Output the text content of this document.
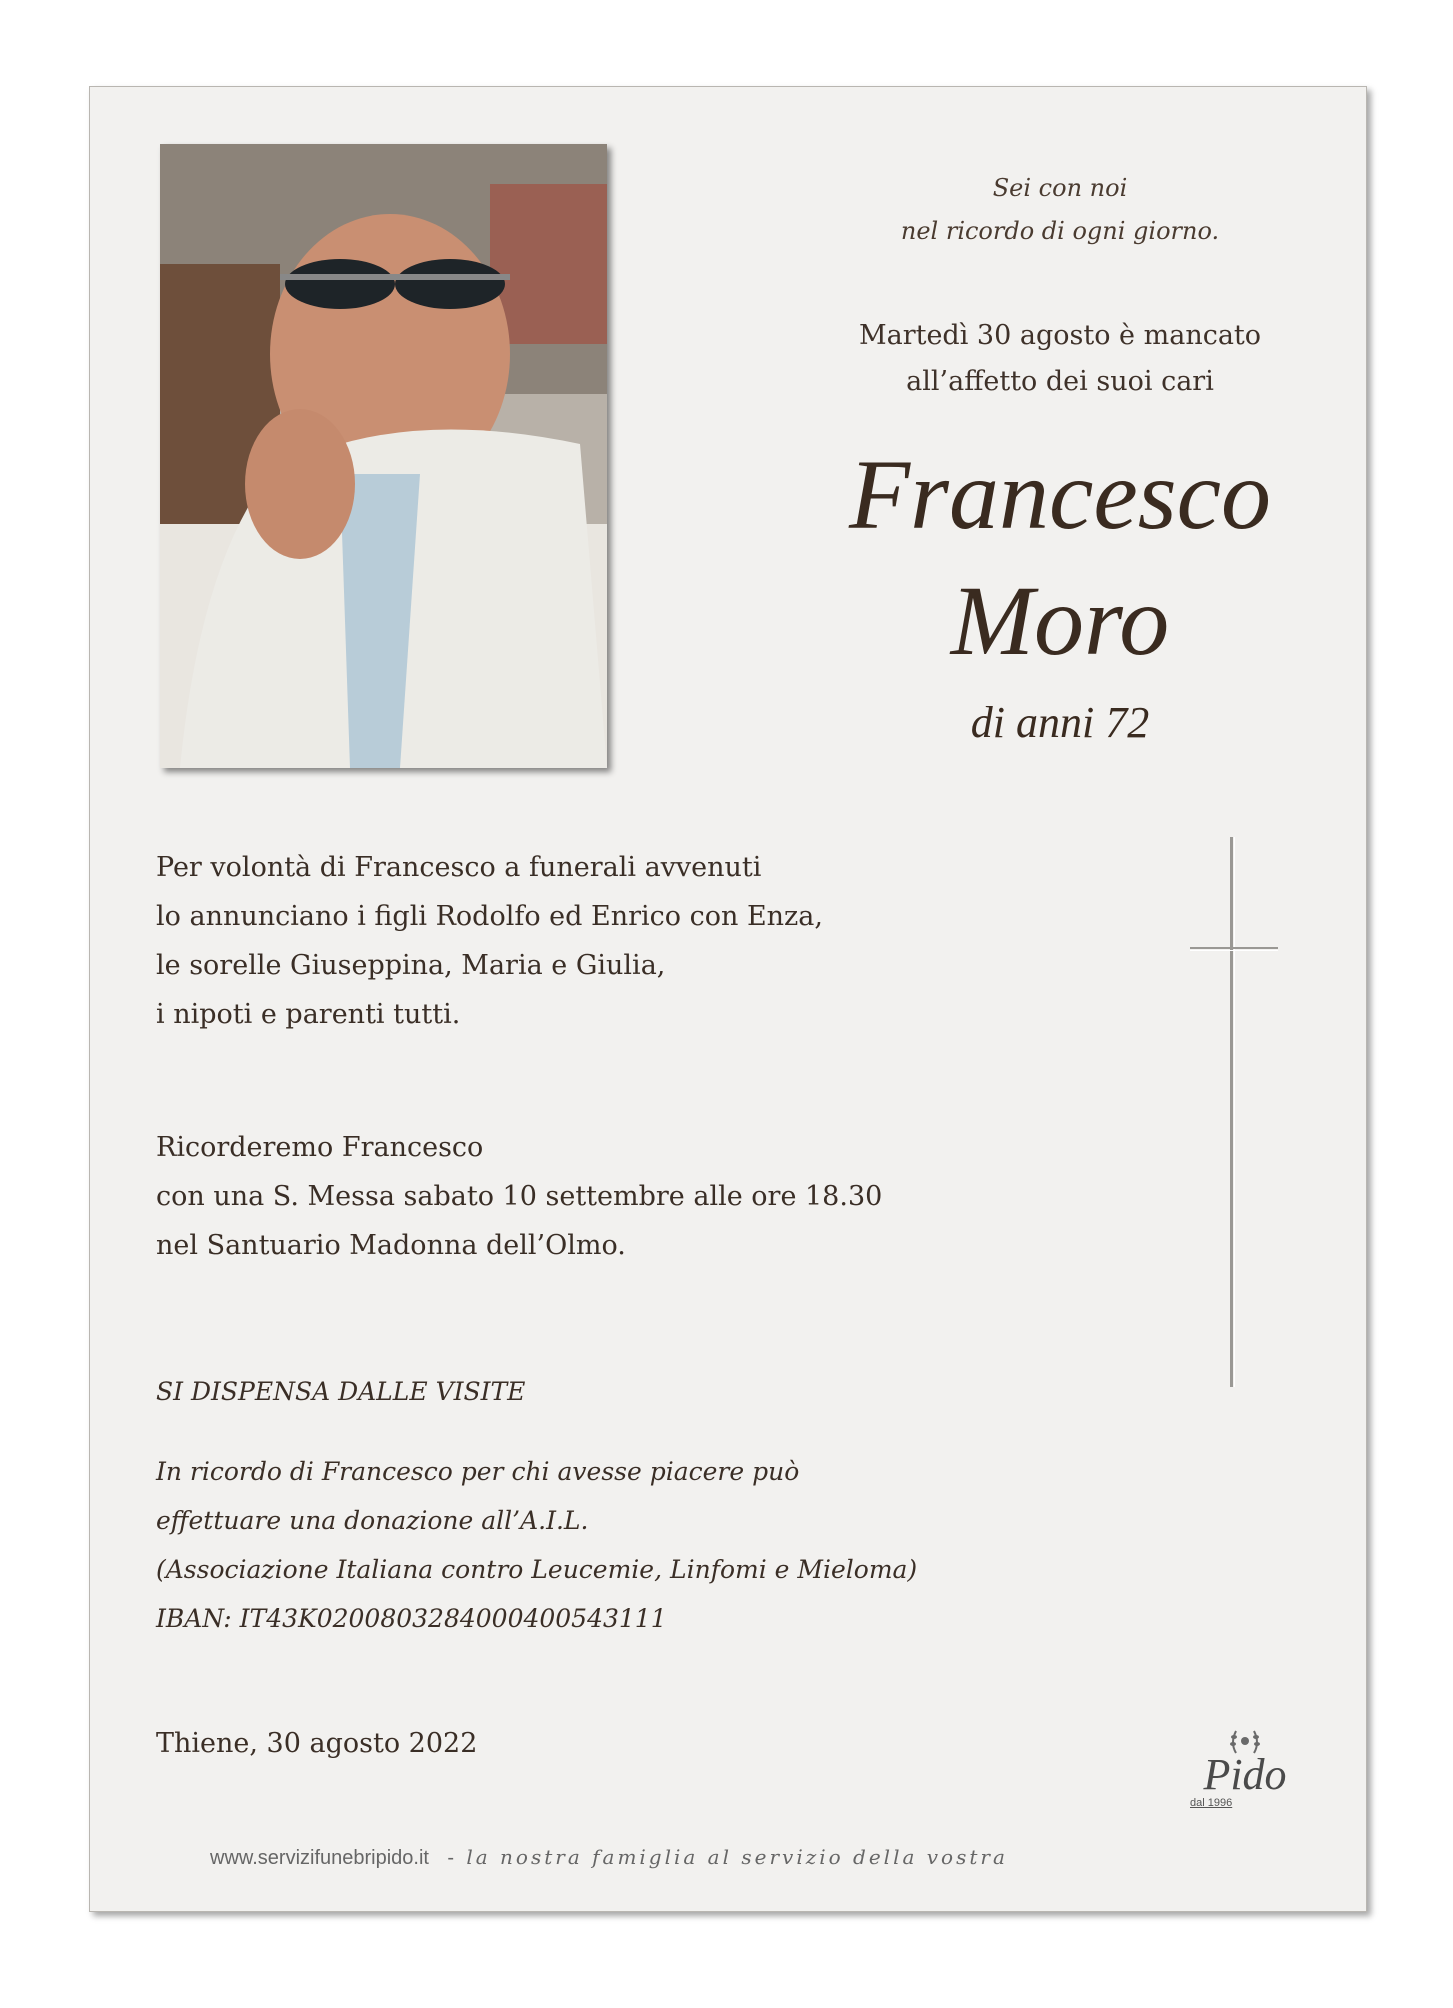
Sei con noi
nel ricordo di ogni giorno.
Martedì 30 agosto è mancato
all’affetto dei suoi cari
Francesco
Moro
di anni 72

Per volontà di Francesco a funerali avvenuti

lo annunciano i figli Rodolfo ed Enrico con Enza,

le sorelle Giuseppina, Maria e Giulia,

i nipoti e parenti tutti.

Ricorderemo Francesco

con una S. Messa sabato 10 settembre alle ore 18.30

nel Santuario Madonna dell’Olmo.

SI DISPENSA DALLE VISITE

In ricordo di Francesco per chi avesse piacere può

effettuare una donazione all’A.I.L.

(Associazione Italiana contro Leucemie, Linfomi e Mieloma)

IBAN: IT43K0200803284000400543111

Thiene, 30 agosto 2022

Pido
dal 1996
www.servizifunebripido.it - la nostra famiglia al servizio della vostra
